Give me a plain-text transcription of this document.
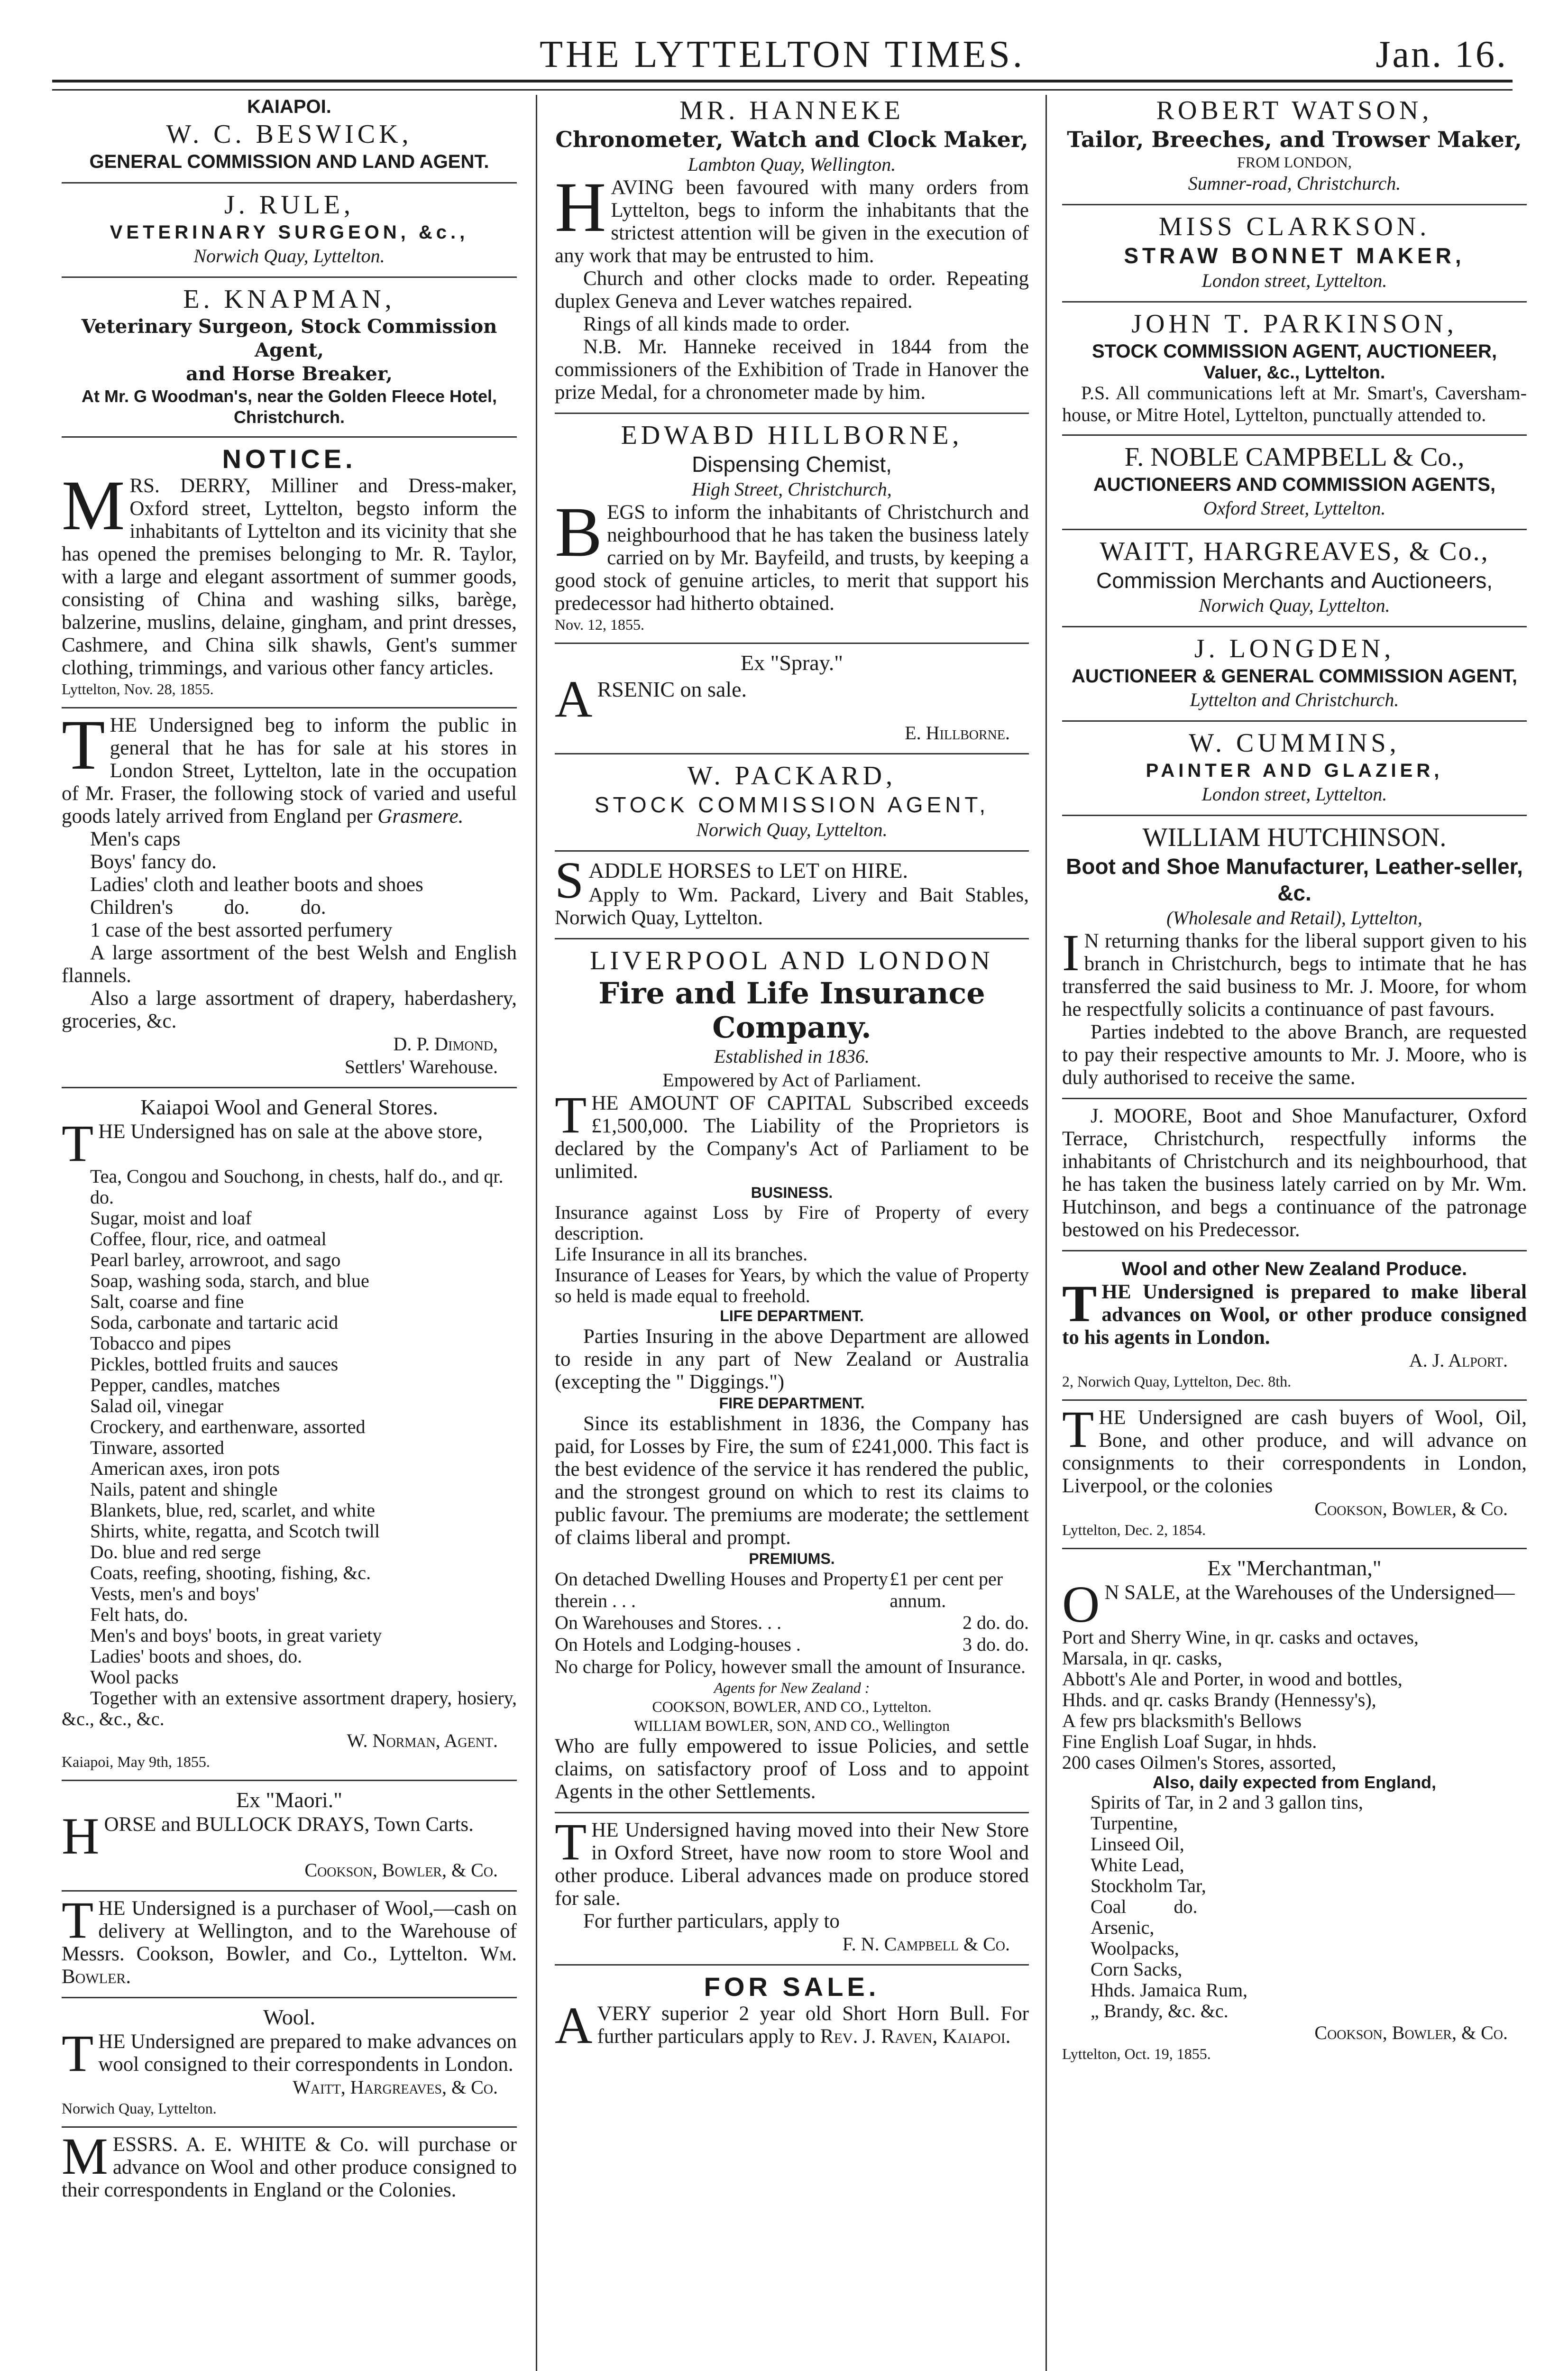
THE LYTTELTON TIMES.	Jan. 16.
KAIAPOI.
W. C. BESWICK,
GENERAL COMMISSION AND LAND AGENT.
J. RULE,
VETERINARY SURGEON, &c.,
Norwich Quay, Lyttelton.
E. KNAPMAN,
Veterinary Surgeon, Stock Commission Agent,
and Horse Breaker,
At Mr. G Woodman's, near the Golden Fleece Hotel, Christchurch.
NOTICE.

MRS. DERRY, Milliner and Dress-maker, Oxford street, Lyttelton, begsto inform the inhabitants of Lyttelton and its vicinity that she has opened the premises belonging to Mr. R. Taylor, with a large and elegant assortment of summer goods, consisting of China and washing silks, barège, balzerine, muslins, delaine, gingham, and print dresses, Cashmere, and China silk shawls, Gent's summer clothing, trimmings, and various other fancy articles.

Lyttelton, Nov. 28, 1855.

THE Undersigned beg to inform the public in general that he has for sale at his stores in London Street, Lyttelton, late in the occupation of Mr. Fraser, the following stock of varied and useful goods lately arrived from England per Grasmere.

Men's caps
Boys' fancy do.
Ladies' cloth and leather boots and shoes
Children's          do.          do.
1 case of the best assorted perfumery

A large assortment of the best Welsh and English flannels.

Also a large assortment of drapery, haberdashery, groceries, &c.

D. P. Dimond,
Settlers' Warehouse.
Kaiapoi Wool and General Stores.

THE Undersigned has on sale at the above store,

Tea, Congou and Souchong, in chests, half do., and qr. do.
Sugar, moist and loaf
Coffee, flour, rice, and oatmeal
Pearl barley, arrowroot, and sago
Soap, washing soda, starch, and blue
Salt, coarse and fine
Soda, carbonate and tartaric acid
Tobacco and pipes
Pickles, bottled fruits and sauces
Pepper, candles, matches
Salad oil, vinegar
Crockery, and earthenware, assorted
Tinware, assorted
American axes, iron pots
Nails, patent and shingle
Blankets, blue, red, scarlet, and white
Shirts, white, regatta, and Scotch twill
Do. blue and red serge
Coats, reefing, shooting, fishing, &c.
Vests, men's and boys'
Felt hats, do.
Men's and boys' boots, in great variety
Ladies' boots and shoes, do.
Wool packs

Together with an extensive assortment drapery, hosiery, &c., &c., &c.

W. Norman, Agent.
Kaiapoi, May 9th, 1855.
Ex "Maori."

HORSE and BULLOCK DRAYS, Town Carts.

Cookson, Bowler, & Co.

THE Undersigned is a purchaser of Wool,—cash on delivery at Wellington, and to the Warehouse of Messrs. Cookson, Bowler, and Co., Lyttelton. Wm. Bowler.

Wool.

THE Undersigned are prepared to make advances on wool consigned to their correspondents in London.

Waitt, Hargreaves, & Co.
Norwich Quay, Lyttelton.

MESSRS. A. E. WHITE & Co. will purchase or advance on Wool and other produce consigned to their correspondents in England or the Colonies.

MR. HANNEKE
Chronometer, Watch and Clock Maker,
Lambton Quay, Wellington.

HAVING been favoured with many orders from Lyttelton, begs to inform the inhabitants that the strictest attention will be given in the execution of any work that may be entrusted to him.

Church and other clocks made to order. Repeating duplex Geneva and Lever watches repaired.

Rings of all kinds made to order.

N.B. Mr. Hanneke received in 1844 from the commissioners of the Exhibition of Trade in Hanover the prize Medal, for a chronometer made by him.

EDWABD HILLBORNE,
Dispensing Chemist,
High Street, Christchurch,

BEGS to inform the inhabitants of Christchurch and neighbourhood that he has taken the business lately carried on by Mr. Bayfeild, and trusts, by keeping a good stock of genuine articles, to merit that support his predecessor had hitherto obtained.

Nov. 12, 1855.
Ex "Spray."

ARSENIC on sale.

E. Hillborne.
W. PACKARD,
STOCK COMMISSION AGENT,
Norwich Quay, Lyttelton.

SADDLE HORSES to LET on HIRE.

Apply to Wm. Packard, Livery and Bait Stables, Norwich Quay, Lyttelton.

LIVERPOOL AND LONDON
Fire and Life Insurance Company.
Established in 1836.
Empowered by Act of Parliament.

THE AMOUNT OF CAPITAL Subscribed exceeds £1,500,000. The Liability of the Proprietors is declared by the Company's Act of Parliament to be unlimited.

BUSINESS.

Insurance against Loss by Fire of Property of every description.

Life Insurance in all its branches.

Insurance of Leases for Years, by which the value of Property so held is made equal to freehold.

LIFE DEPARTMENT.

Parties Insuring in the above Department are allowed to reside in any part of New Zealand or Australia (excepting the " Diggings.")

FIRE DEPARTMENT.

Since its establishment in 1836, the Company has paid, for Losses by Fire, the sum of £241,000. This fact is the best evidence of the service it has rendered the public, and the strongest ground on which to rest its claims to public favour. The premiums are moderate; the settlement of claims liberal and prompt.

PREMIUMS.
On detached Dwelling Houses and Property therein . . .
£1 per cent per annum.
On Warehouses and Stores. . .	2 do. do.
On Hotels and Lodging-houses .	3 do. do.

No charge for Policy, however small the amount of Insurance.

Agents for New Zealand :
COOKSON, BOWLER, AND CO., Lyttelton.
WILLIAM BOWLER, SON, AND CO., Wellington

Who are fully empowered to issue Policies, and settle claims, on satisfactory proof of Loss and to appoint Agents in the other Settlements.

THE Undersigned having moved into their New Store in Oxford Street, have now room to store Wool and other produce. Liberal advances made on produce stored for sale.

For further particulars, apply to

F. N. Campbell & Co.
FOR SALE.

AVERY superior 2 year old Short Horn Bull. For further particulars apply to Rev. J. Raven, Kaiapoi.

ROBERT WATSON,
Tailor, Breeches, and Trowser Maker,
FROM LONDON,
Sumner-road, Christchurch.
MISS CLARKSON.
STRAW BONNET MAKER,
London street, Lyttelton.
JOHN T. PARKINSON,
STOCK COMMISSION AGENT, AUCTIONEER,
Valuer, &c., Lyttelton.

P.S. All communications left at Mr. Smart's, Caversham-house, or Mitre Hotel, Lyttelton, punctually attended to.

F. NOBLE CAMPBELL & Co.,
AUCTIONEERS AND COMMISSION AGENTS,
Oxford Street, Lyttelton.
WAITT, HARGREAVES, & Co.,
Commission Merchants and Auctioneers,
Norwich Quay, Lyttelton.
J. LONGDEN,
AUCTIONEER & GENERAL COMMISSION AGENT,
Lyttelton and Christchurch.
W. CUMMINS,
PAINTER AND GLAZIER,
London street, Lyttelton.
WILLIAM HUTCHINSON.
Boot and Shoe Manufacturer, Leather-seller, &c.
(Wholesale and Retail), Lyttelton,

I N returning thanks for the liberal support given to his branch in Christchurch, begs to intimate that he has transferred the said business to Mr. J. Moore, for whom he respectfully solicits a continuance of past favours.

Parties indebted to the above Branch, are requested to pay their respective amounts to Mr. J. Moore, who is duly authorised to receive the same.

J. MOORE, Boot and Shoe Manufacturer, Oxford Terrace, Christchurch, respectfully informs the inhabitants of Christchurch and its neighbourhood, that he has taken the business lately carried on by Mr. Wm. Hutchinson, and begs a continuance of the patronage bestowed on his Predecessor.

Wool and other New Zealand Produce.

THE Undersigned is prepared to make liberal advances on Wool, or other produce consigned to his agents in London.

A. J. Alport.
2, Norwich Quay, Lyttelton, Dec. 8th.

THE Undersigned are cash buyers of Wool, Oil, Bone, and other produce, and will advance on consignments to their correspondents in London, Liverpool, or the colonies

Cookson, Bowler, & Co.
Lyttelton, Dec. 2, 1854.
Ex "Merchantman,"

O N SALE, at the Warehouses of the Undersigned—

Port and Sherry Wine, in qr. casks and octaves,
Marsala, in qr. casks,
Abbott's Ale and Porter, in wood and bottles,
Hhds. and qr. casks Brandy (Hennessy's),
A few prs blacksmith's Bellows
Fine English Loaf Sugar, in hhds.
200 cases Oilmen's Stores, assorted,
Also, daily expected from England,
Spirits of Tar, in 2 and 3 gallon tins,
Turpentine,
Linseed Oil,
White Lead,
Stockholm Tar,
Coal          do.
Arsenic,
Woolpacks,
Corn Sacks,
Hhds. Jamaica Rum,
„ Brandy, &c. &c.
Cookson, Bowler, & Co.
Lyttelton, Oct. 19, 1855.
